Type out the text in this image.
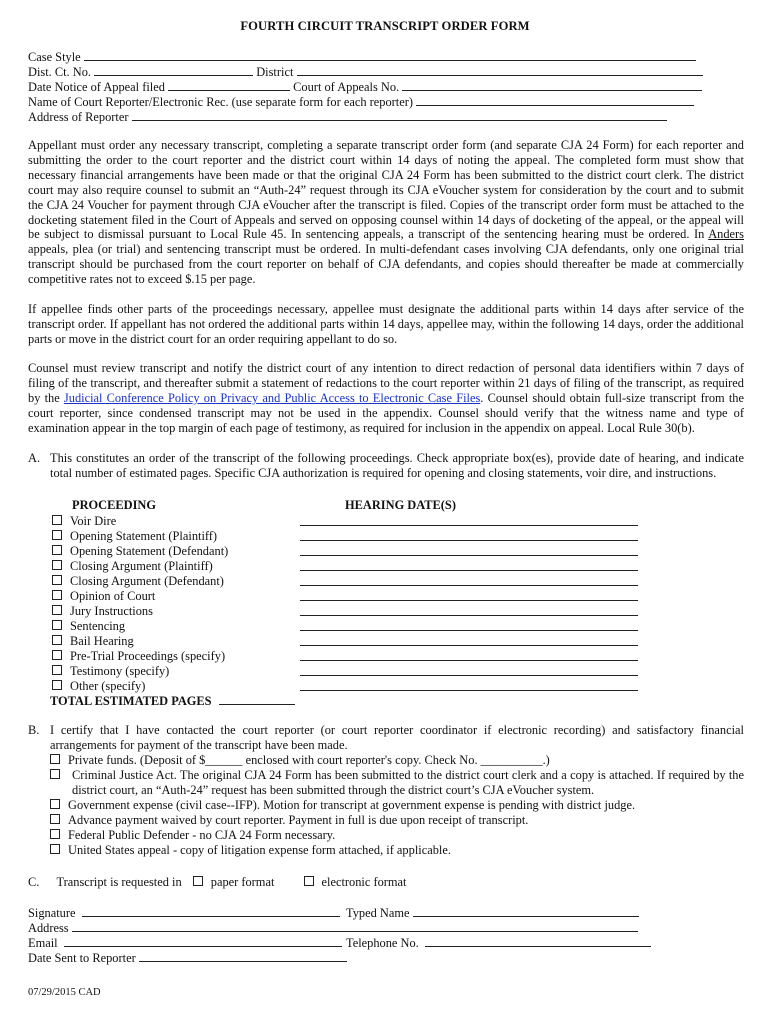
FOURTH CIRCUIT TRANSCRIPT ORDER FORM
Case Style
Dist. Ct. No.	District
Date Notice of Appeal filed	Court of Appeals No.
Name of Court Reporter/Electronic Rec. (use separate form for each reporter)
Address of Reporter

Appellant must order any necessary transcript, completing a separate transcript order form (and separate CJA 24 Form) for each reporter and submitting the order to the court reporter and the district court within 14 days of noting the appeal. The completed form must show that necessary financial arrangements have been made or that the original CJA 24 Form has been submitted to the district court clerk. The district court may also require counsel to submit an “Auth-24” request through its CJA eVoucher system for consideration by the court and to submit the CJA 24 Voucher for payment through CJA eVoucher after the transcript is filed. Copies of the transcript order form must be attached to the docketing statement filed in the Court of Appeals and served on opposing counsel within 14 days of docketing of the appeal, or the appeal will be subject to dismissal pursuant to Local Rule 45. In sentencing appeals, a transcript of the sentencing hearing must be ordered. In Anders appeals, plea (or trial) and sentencing transcript must be ordered. In multi-defendant cases involving CJA defendants, only one original trial transcript should be purchased from the court reporter on behalf of CJA defendants, and copies should thereafter be made at commercially competitive rates not to exceed $.15 per page.

If appellee finds other parts of the proceedings necessary, appellee must designate the additional parts within 14 days after service of the transcript order. If appellant has not ordered the additional parts within 14 days, appellee may, within the following 14 days, order the additional parts or move in the district court for an order requiring appellant to do so.

Counsel must review transcript and notify the district court of any intention to direct redaction of personal data identifiers within 7 days of filing of the transcript, and thereafter submit a statement of redactions to the court reporter within 21 days of filing of the transcript, as required by the Judicial Conference Policy on Privacy and Public Access to Electronic Case Files. Counsel should obtain full-size transcript from the court reporter, since condensed transcript may not be used in the appendix. Counsel should verify that the witness name and type of examination appear in the top margin of each page of testimony, as required for inclusion in the appendix on appeal. Local Rule 30(b).

A. This constitutes an order of the transcript of the following proceedings. Check appropriate box(es), provide date of hearing, and indicate total number of estimated pages. Specific CJA authorization is required for opening and closing statements, voir dire, and instructions.

PROCEEDING	HEARING DATE(S)
Voir Dire
Opening Statement (Plaintiff)
Opening Statement (Defendant)
Closing Argument (Plaintiff)
Closing Argument (Defendant)
Opinion of Court
Jury Instructions
Sentencing
Bail Hearing
Pre-Trial Proceedings (specify)
Testimony (specify)
Other (specify)
TOTAL ESTIMATED PAGES
B. I certify that I have contacted the court reporter (or court reporter coordinator if electronic recording) and satisfactory financial arrangements for payment of the transcript have been made.

Private funds. (Deposit of $______ enclosed with court reporter's copy. Check No. __________.)

Criminal Justice Act. The original CJA 24 Form has been submitted to the district court clerk and a copy is attached. If required by the district court, an “Auth-24” request has been submitted through the district court’s CJA eVoucher system.

Government expense (civil case--IFP). Motion for transcript at government expense is pending with district judge.
Advance payment waived by court reporter. Payment in full is due upon receipt of transcript.
Federal Public Defender - no CJA 24 Form necessary.
United States appeal - copy of litigation expense form attached, if applicable.
C. Transcript is requested in paper format	electronic format
Signature	Typed Name
Address
Email	Telephone No.
Date Sent to Reporter
07/29/2015 CAD
